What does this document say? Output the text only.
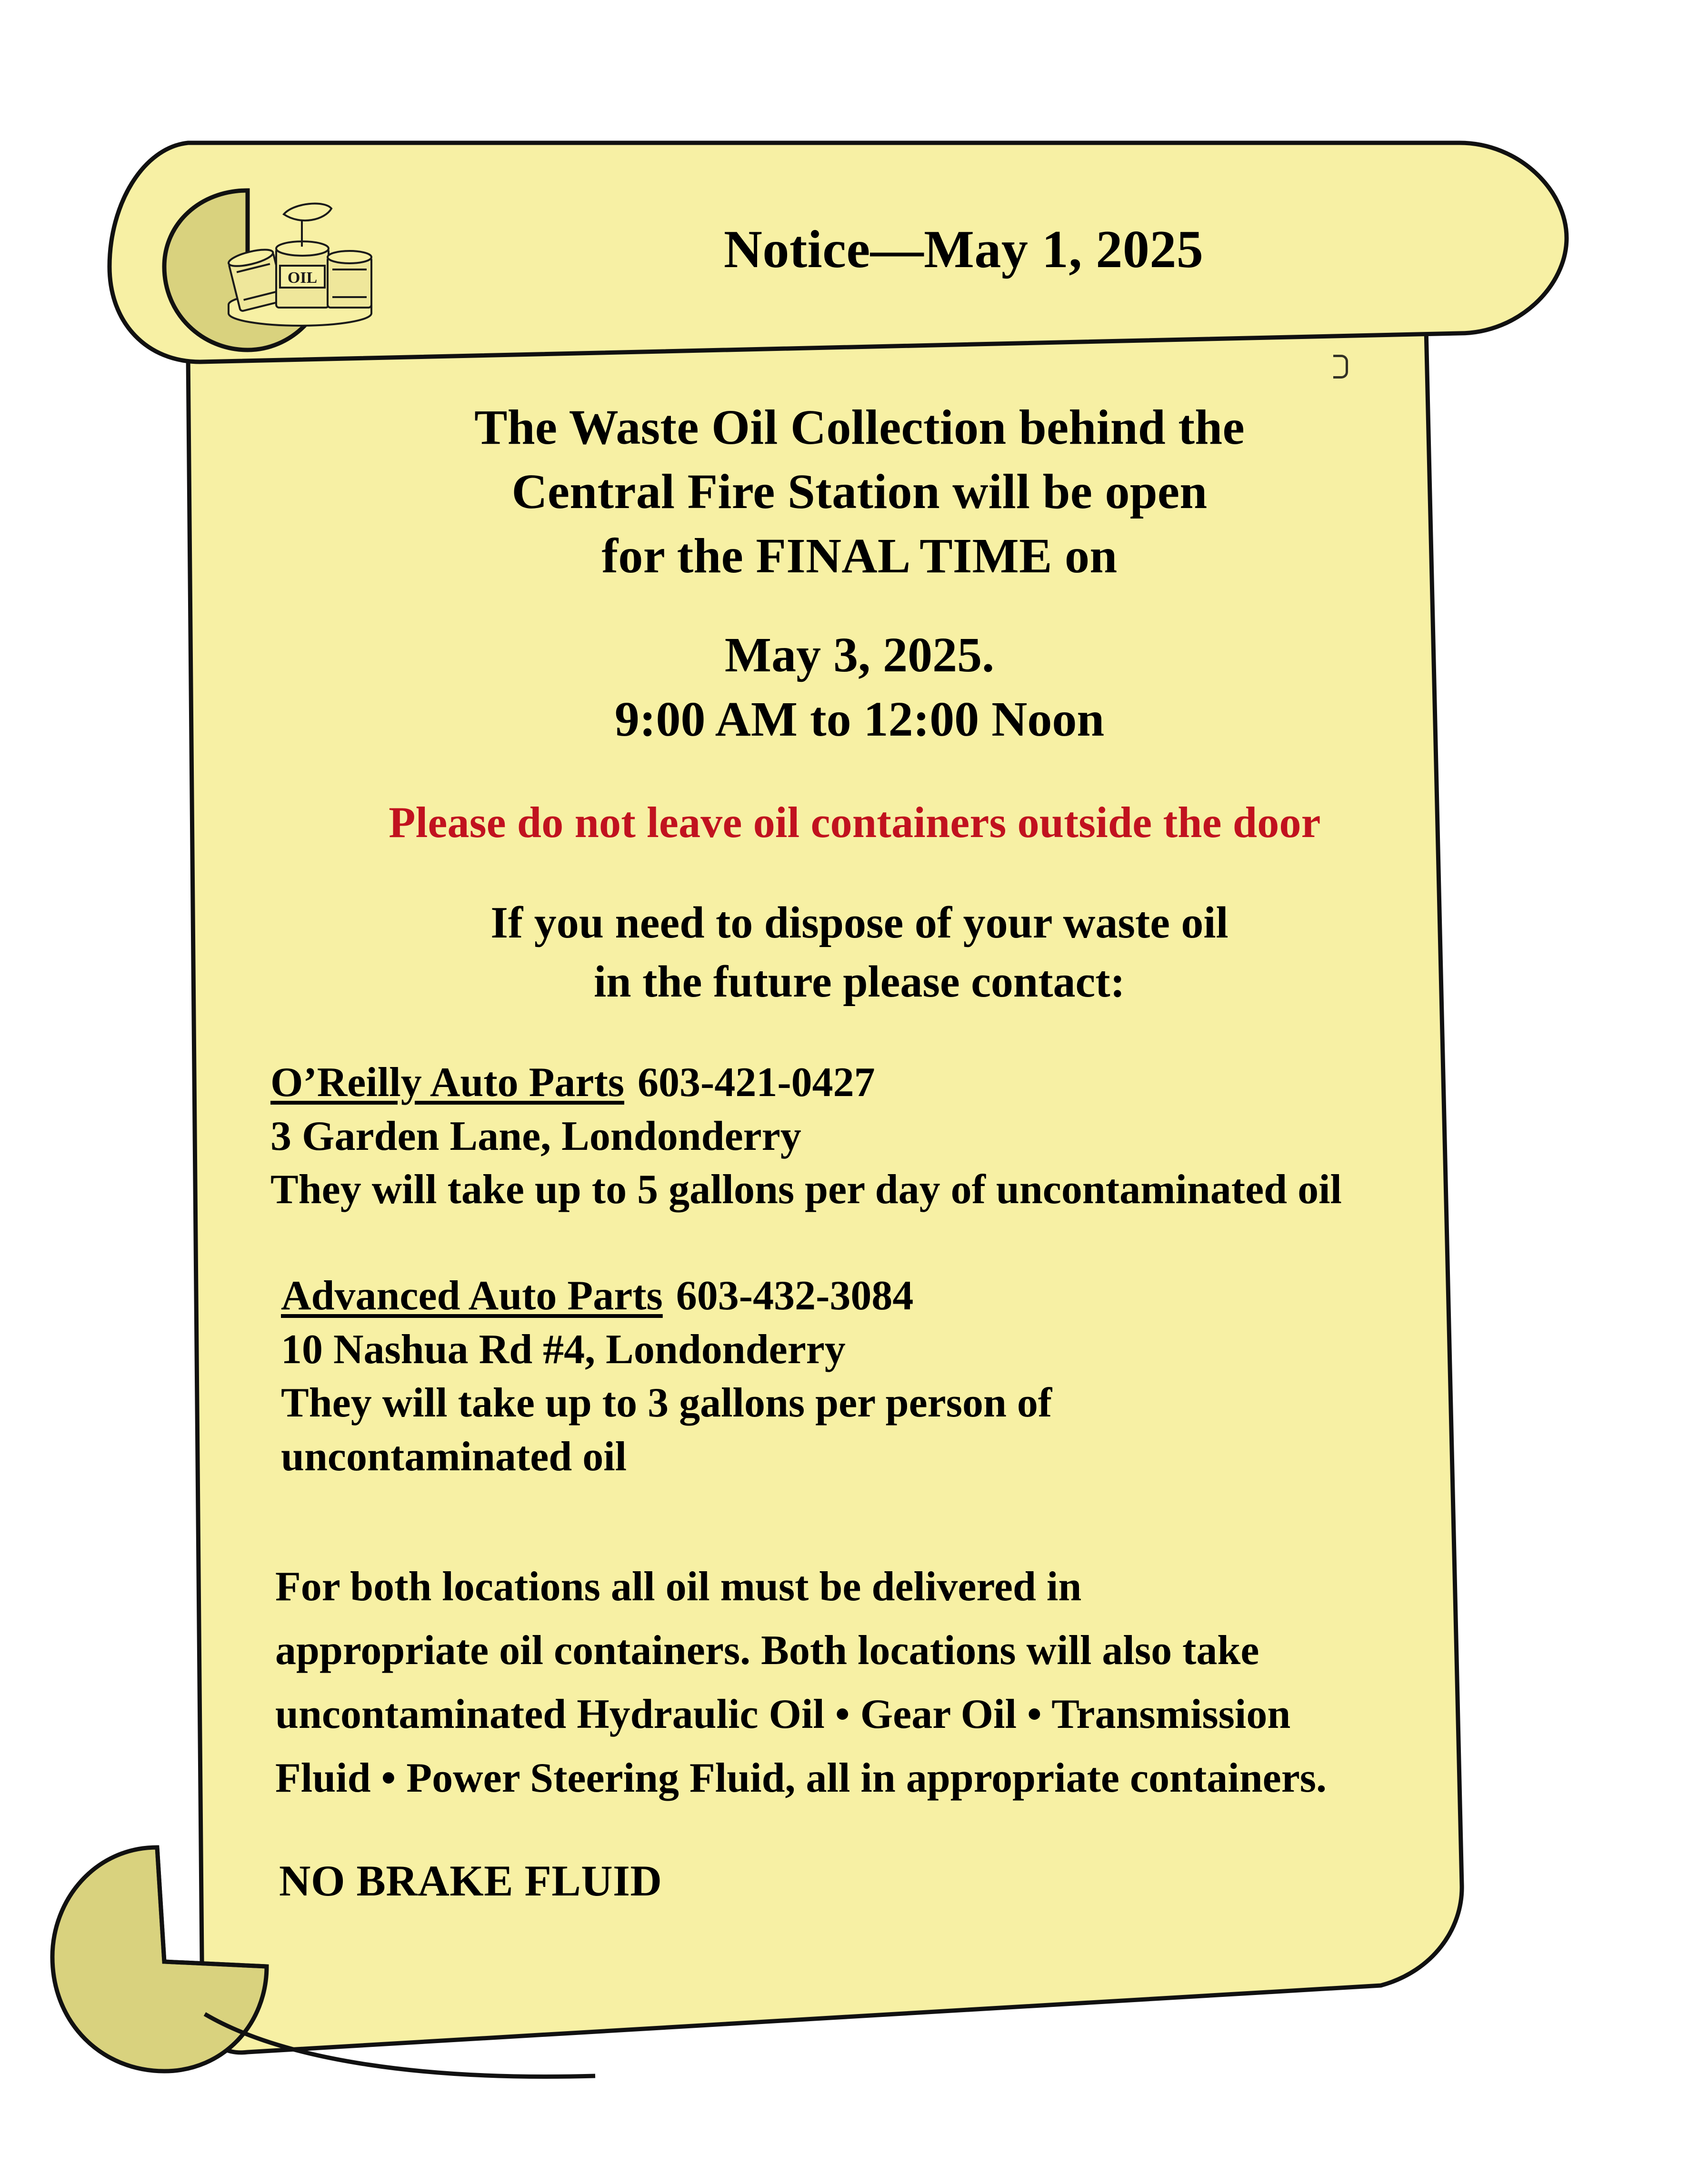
OIL	Notice—May 1, 2025
The Waste Oil Collection behind the
Central Fire Station will be open
for the FINAL TIME on
May 3, 2025.
9:00 AM to 12:00 Noon
Please do not leave oil containers outside the door
If you need to dispose of your waste oil
in the future please contact:
O’Reilly Auto Parts 603-421-0427
3 Garden Lane, Londonderry
They will take up to 5 gallons per day of uncontaminated oil
Advanced Auto Parts 603-432-3084
10 Nashua Rd #4, Londonderry
They will take up to 3 gallons per person of
uncontaminated oil
For both locations all oil must be delivered in
appropriate oil containers. Both locations will also take
uncontaminated Hydraulic Oil • Gear Oil • Transmission
Fluid • Power Steering Fluid, all in appropriate containers.
NO BRAKE FLUID
